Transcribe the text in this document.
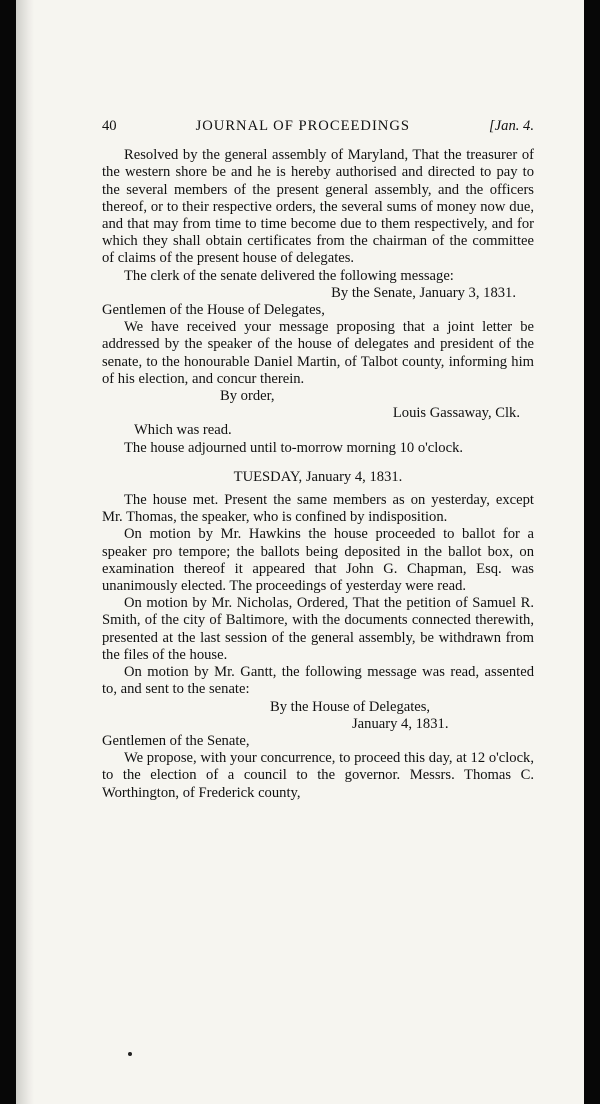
40	JOURNAL OF PROCEEDINGS	[Jan. 4.

Resolved by the general assembly of Maryland, That the treasurer of the western shore be and he is hereby authorised and directed to pay to the several members of the present general assembly, and the officers thereof, or to their respective orders, the several sums of money now due, and that may from time to time become due to them respectively, and for which they shall obtain certificates from the chairman of the committee of claims of the present house of delegates.

The clerk of the senate delivered the following message:

By the Senate, January 3, 1831.
Gentlemen of the House of Delegates,

We have received your message proposing that a joint letter be addressed by the speaker of the house of delegates and president of the senate, to the honourable Daniel Martin, of Talbot county, informing him of his election, and concur therein.

By order,
Louis Gassaway, Clk.
Which was read.

The house adjourned until to-morrow morning 10 o'clock.

TUESDAY, January 4, 1831.

The house met. Present the same members as on yesterday, except Mr. Thomas, the speaker, who is confined by indisposition.

On motion by Mr. Hawkins the house proceeded to ballot for a speaker pro tempore; the ballots being deposited in the ballot box, on examination thereof it appeared that John G. Chapman, Esq. was unanimously elected. The proceedings of yesterday were read.

On motion by Mr. Nicholas, Ordered, That the petition of Samuel R. Smith, of the city of Baltimore, with the documents connected therewith, presented at the last session of the general assembly, be withdrawn from the files of the house.

On motion by Mr. Gantt, the following message was read, assented to, and sent to the senate:

By the House of Delegates,
January 4, 1831.
Gentlemen of the Senate,

We propose, with your concurrence, to proceed this day, at 12 o'clock, to the election of a council to the governor. Messrs. Thomas C. Worthington, of Frederick county,
